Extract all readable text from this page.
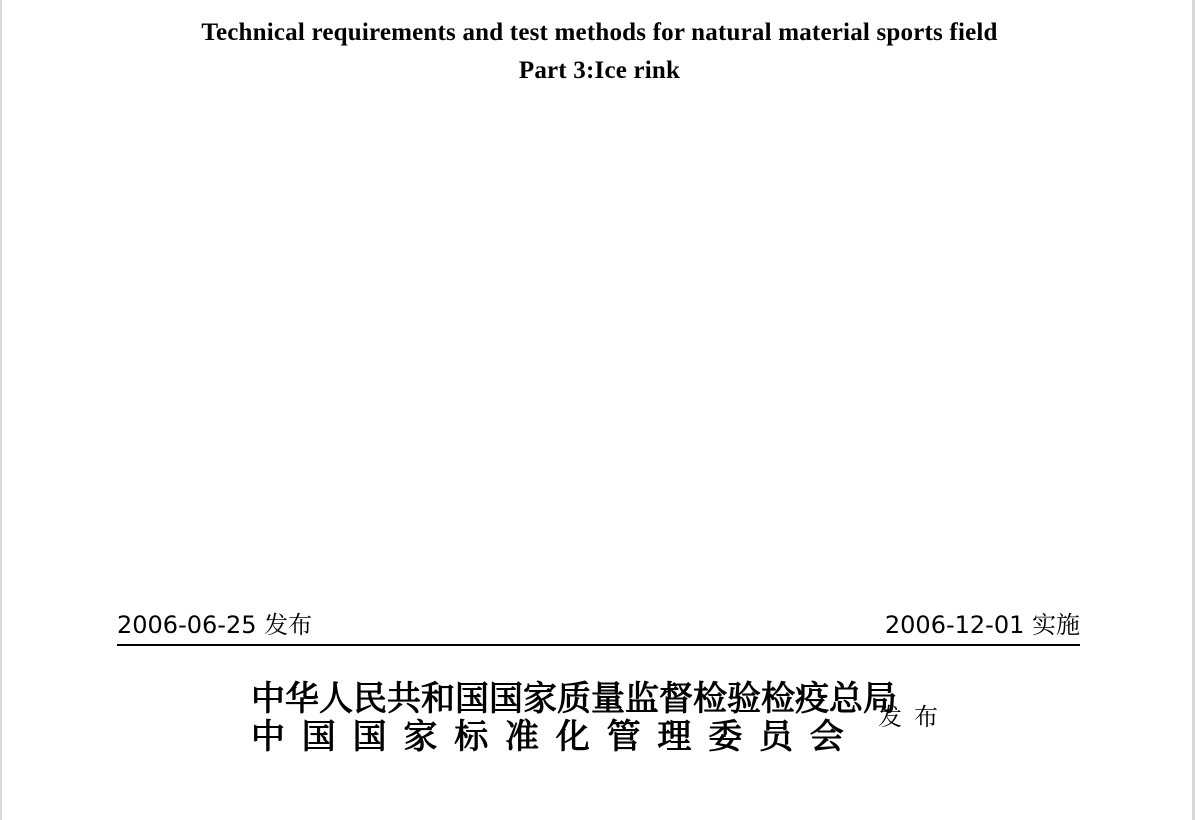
Technical requirements and test methods for natural material sports field
Part 3:Ice rink
2006-06-25 发布	2006-12-01 实施
中华人民共和国国家质量监督检验检疫总局
中国国家标准化管理委员会 发布
